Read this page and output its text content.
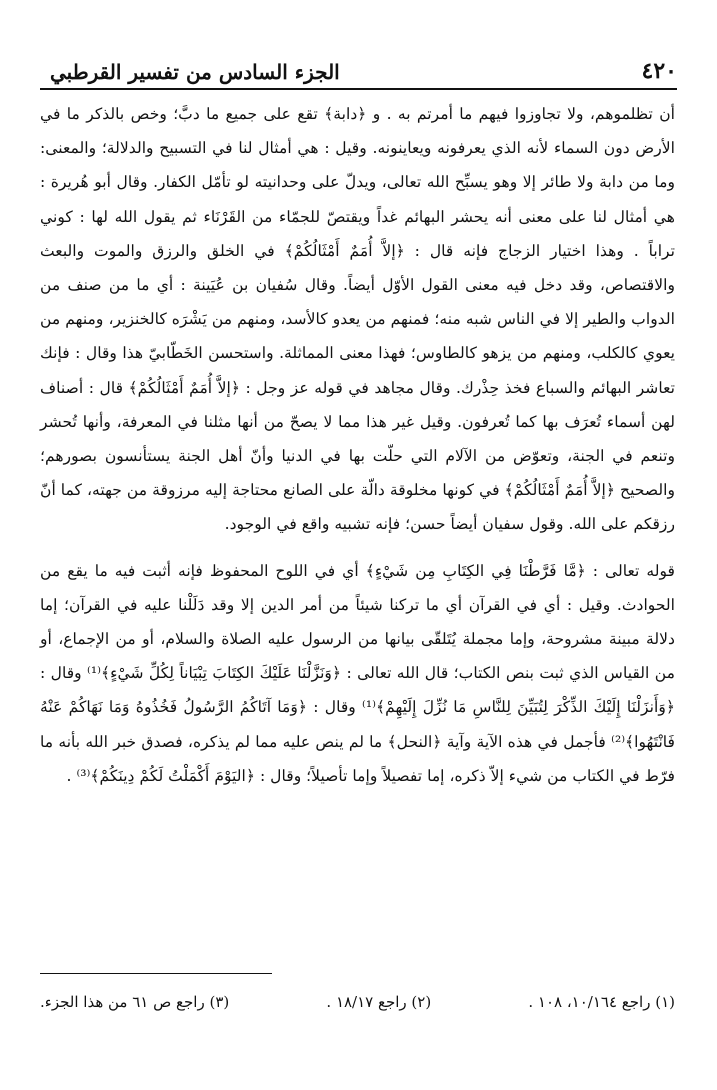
٤٢٠
الجزء السادس من تفسير القرطبي

أن تظلموهم، ولا تجاوزوا فيهم ما أمرتم به . و ﴿دابة﴾ تقع على جميع ما دبَّ؛ وخص بالذكر ما في الأرض دون السماء لأنه الذي يعرفونه ويعاينونه. وقيل : هي أمثال لنا في التسبيح والدلالة؛ والمعنى: وما من دابة ولا طائر إلا وهو يسبِّح الله تعالى، ويدلّ على وحدانيته لو تأمّل الكفار. وقال أبو هُريرة : هي أمثال لنا على معنى أنه يحشر البهائم غداً ويقتصّ للجمّاء من القَرْنَاء ثم يقول الله لها : كوني تراباً . وهذا اختيار الزجاج فإنه قال : ﴿إلاَّ أُمَمٌ أَمْثَالُكُمْ﴾ في الخلق والرزق والموت والبعث والاقتصاص، وقد دخل فيه معنى القول الأوّل أيضاً. وقال سُفيان بن عُيَينة : أي ما من صنف من الدواب والطير إلا في الناس شبه منه؛ فمنهم من يعدو كالأسد، ومنهم من يَشْرَه كالخنزير، ومنهم من يعوي كالكلب، ومنهم من يزهو كالطاوس؛ فهذا معنى المماثلة. واستحسن الخَطّابيّ هذا وقال : فإنك تعاشر البهائم والسباع فخذ حِذْرك. وقال مجاهد في قوله عز وجل : ﴿إلاَّ أُمَمٌ أَمْثَالُكُمْ﴾ قال : أصناف لهن أسماء تُعرَف بها كما تُعرفون. وقيل غير هذا مما لا يصحّ من أنها مثلنا في المعرفة، وأنها تُحشر وتنعم في الجنة، وتعوّض من الآلام التي حلّت بها في الدنيا وأنّ أهل الجنة يستأنسون بصورهم؛ والصحيح ﴿إلاَّ أُمَمٌ أَمْثَالُكُمْ﴾ في كونها مخلوقة دالّة على الصانع محتاجة إليه مرزوقة من جهته، كما أنّ رزقكم على الله. وقول سفيان أيضاً حسن؛ فإنه تشبيه واقع في الوجود.

قوله تعالى : ﴿مَّا فَرَّطْنَا فِي الكِتَابِ مِن شَيْءٍ﴾ أي في اللوح المحفوظ فإنه أثبت فيه ما يقع من الحوادث. وقيل : أي في القرآن أي ما تركنا شيئاً من أمر الدين إلا وقد دَلَلْنا عليه في القرآن؛ إما دلالة مبينة مشروحة، وإما مجملة يُتَلقّى بيانها من الرسول عليه الصلاة والسلام، أو من الإجماع، أو من القياس الذي ثبت بنص الكتاب؛ قال الله تعالى : ﴿وَنَزَّلْنَا عَلَيْكَ الكِتَابَ تِبْيَاناً لِكُلِّ شَيْءٍ﴾⁽¹⁾ وقال : ﴿وَأَنزَلْنَا إِلَيْكَ الذِّكْرَ لِتُبَيِّنَ لِلنَّاسِ مَا نُزِّلَ إِلَيْهِمْ﴾⁽¹⁾ وقال : ﴿وَمَا آتَاكُمُ الرَّسُولُ فَخُذُوهُ وَمَا نَهَاكُمْ عَنْهُ فَانْتَهُوا﴾⁽²⁾ فأجمل في هذه الآية وآية ﴿النحل﴾ ما لم ينص عليه مما لم يذكره، فصدق خبر الله بأنه ما فرّط في الكتاب من شيء إلاّ ذكره، إما تفصيلاً وإما تأصيلاً؛ وقال : ﴿اليَوْمَ أَكْمَلْتُ لَكُمْ دِينَكُمْ﴾⁽³⁾ .

(١) راجع ١٠/١٦٤، ١٠٨ .
(٢) راجع ١٨/١٧ .
(٣) راجع ص ٦١ من هذا الجزء.
